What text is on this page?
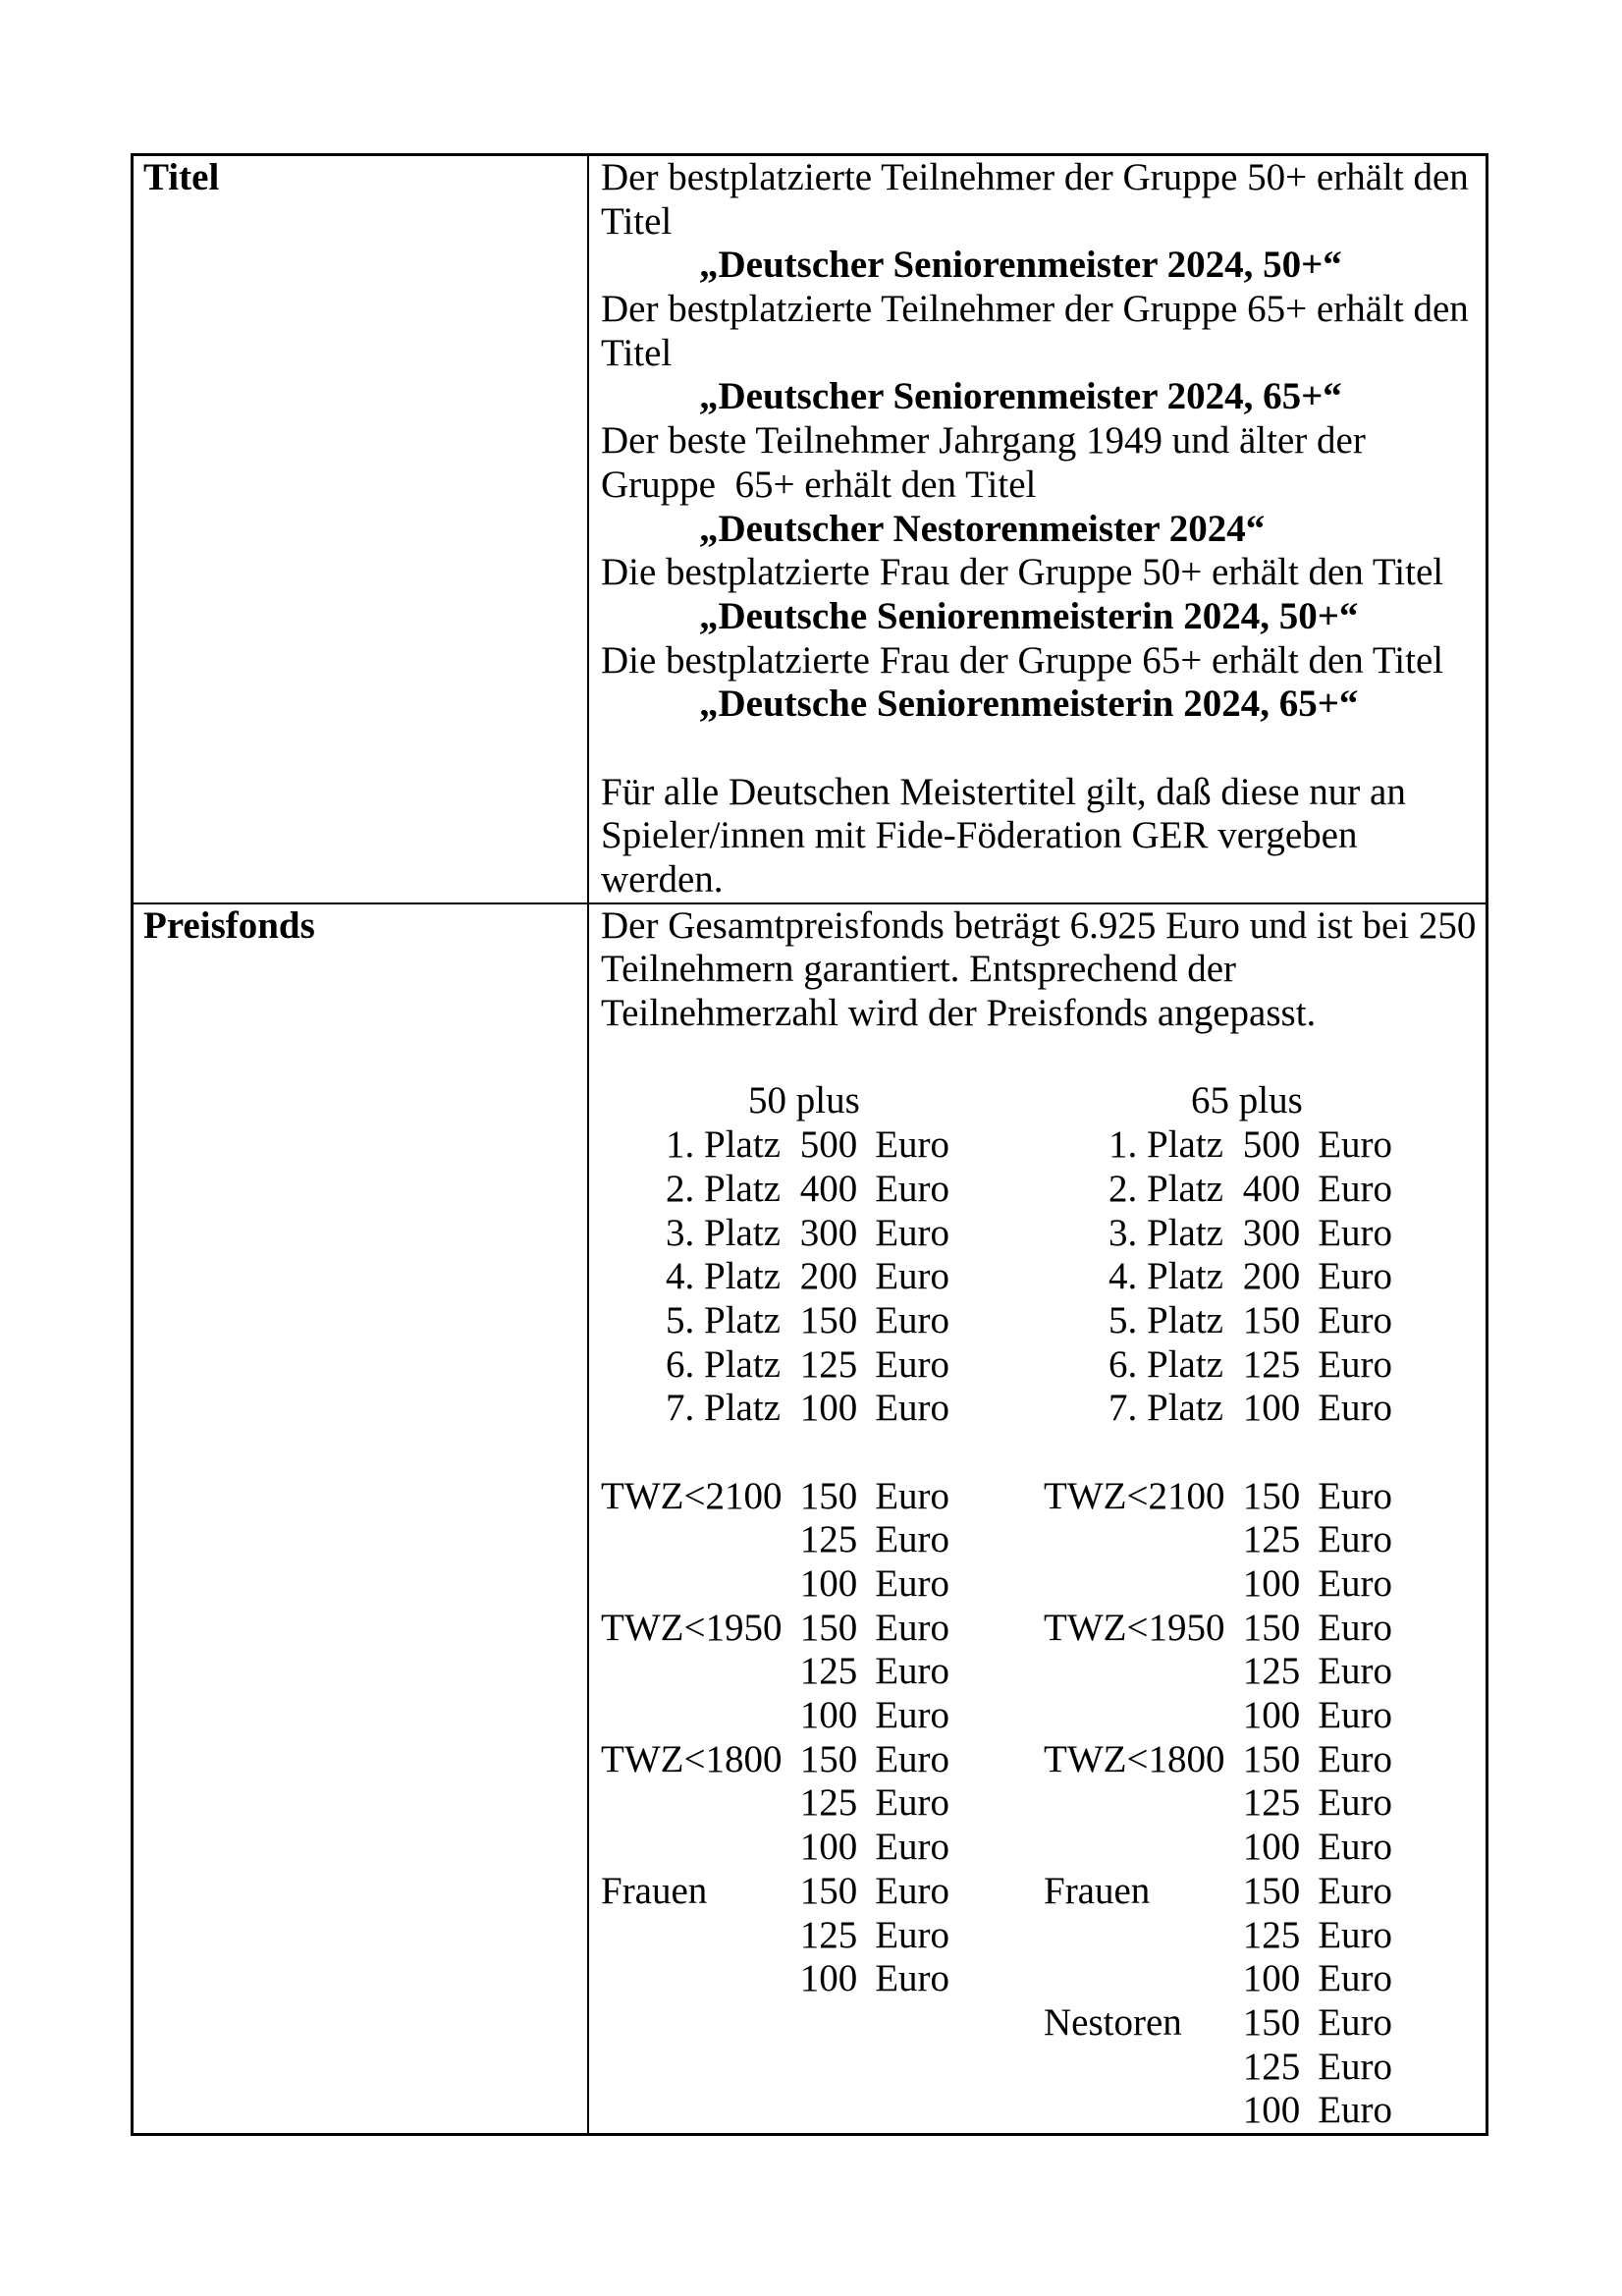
Titel	Der bestplatzierte Teilnehmer der Gruppe 50+ erhält den
Titel
„Deutscher Seniorenmeister 2024, 50+“
Der bestplatzierte Teilnehmer der Gruppe 65+ erhält den
Titel
„Deutscher Seniorenmeister 2024, 65+“
Der beste Teilnehmer Jahrgang 1949 und älter der
Gruppe  65+ erhält den Titel
„Deutscher Nestorenmeister 2024“
Die bestplatzierte Frau der Gruppe 50+ erhält den Titel
„Deutsche Seniorenmeisterin 2024, 50+“
Die bestplatzierte Frau der Gruppe 65+ erhält den Titel
„Deutsche Seniorenmeisterin 2024, 65+“
Für alle Deutschen Meistertitel gilt, daß diese nur an
Spieler/innen mit Fide-Föderation GER vergeben
werden.
Preisfonds	Der Gesamtpreisfonds beträgt 6.925 Euro und ist bei 250
Teilnehmern garantiert. Entsprechend der
Teilnehmerzahl wird der Preisfonds angepasst.
50 plus
1. Platz 500 Euro
2. Platz 400 Euro
3. Platz 300 Euro
4. Platz 200 Euro
5. Platz 150 Euro
6. Platz 125 Euro
7. Platz 100 Euro
TWZ<2100 150 Euro
125 Euro
100 Euro
TWZ<1950 150 Euro
125 Euro
100 Euro
TWZ<1800 150 Euro
125 Euro
100 Euro
Frauen	150 Euro
125 Euro
100 Euro
65 plus
1. Platz 500 Euro
2. Platz 400 Euro
3. Platz 300 Euro
4. Platz 200 Euro
5. Platz 150 Euro
6. Platz 125 Euro
7. Platz 100 Euro
TWZ<2100 150 Euro
125 Euro
100 Euro
TWZ<1950 150 Euro
125 Euro
100 Euro
TWZ<1800 150 Euro
125 Euro
100 Euro
Frauen	150 Euro
125 Euro
100 Euro
Nestoren	150 Euro
125 Euro
100 Euro
